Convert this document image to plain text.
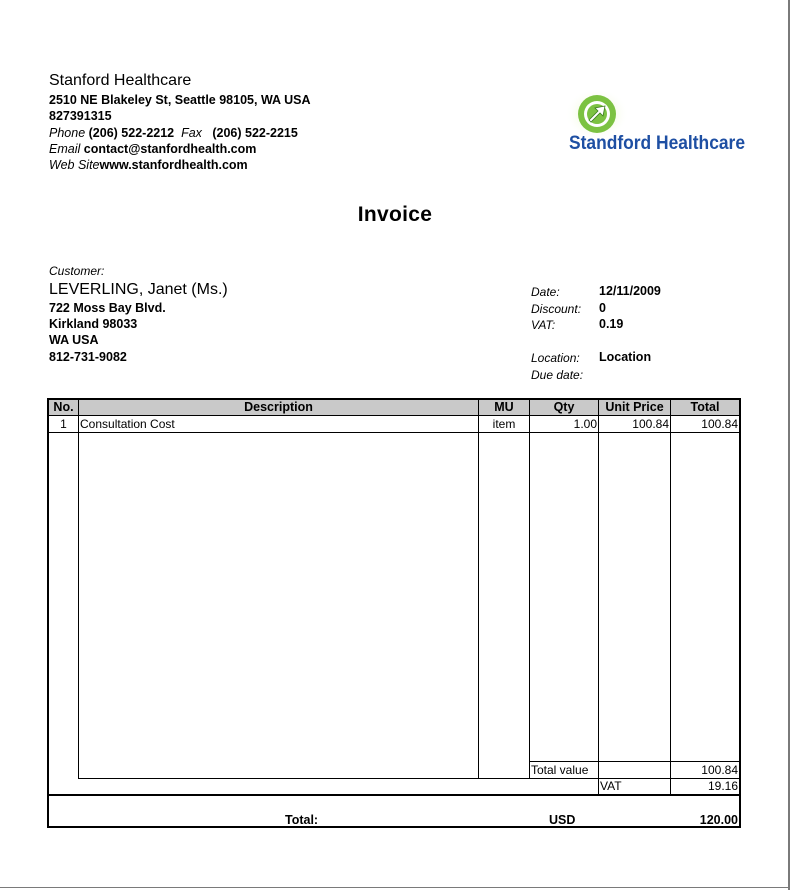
Stanford Healthcare
2510 NE Blakeley St, Seattle 98105, WA USA
827391315
Phone (206) 522-2212 Fax (206) 522-2215
Email contact@stanfordhealth.com
Web Sitewww.stanfordhealth.com
Standford Healthcare
Invoice
Customer:
LEVERLING, Janet (Ms.)
722 Moss Bay Blvd.
Kirkland 98033
WA USA
812-731-9082
Date:	12/11/2009
Discount: 0
VAT:	0.19
Location: Location
Due date:
No.	Description	MU	Qty	Unit Price	Total
1	Consultation Cost	item	1.00	100.84	100.84
Total value	100.84
VAT	19.16
Total:	USD	120.00
